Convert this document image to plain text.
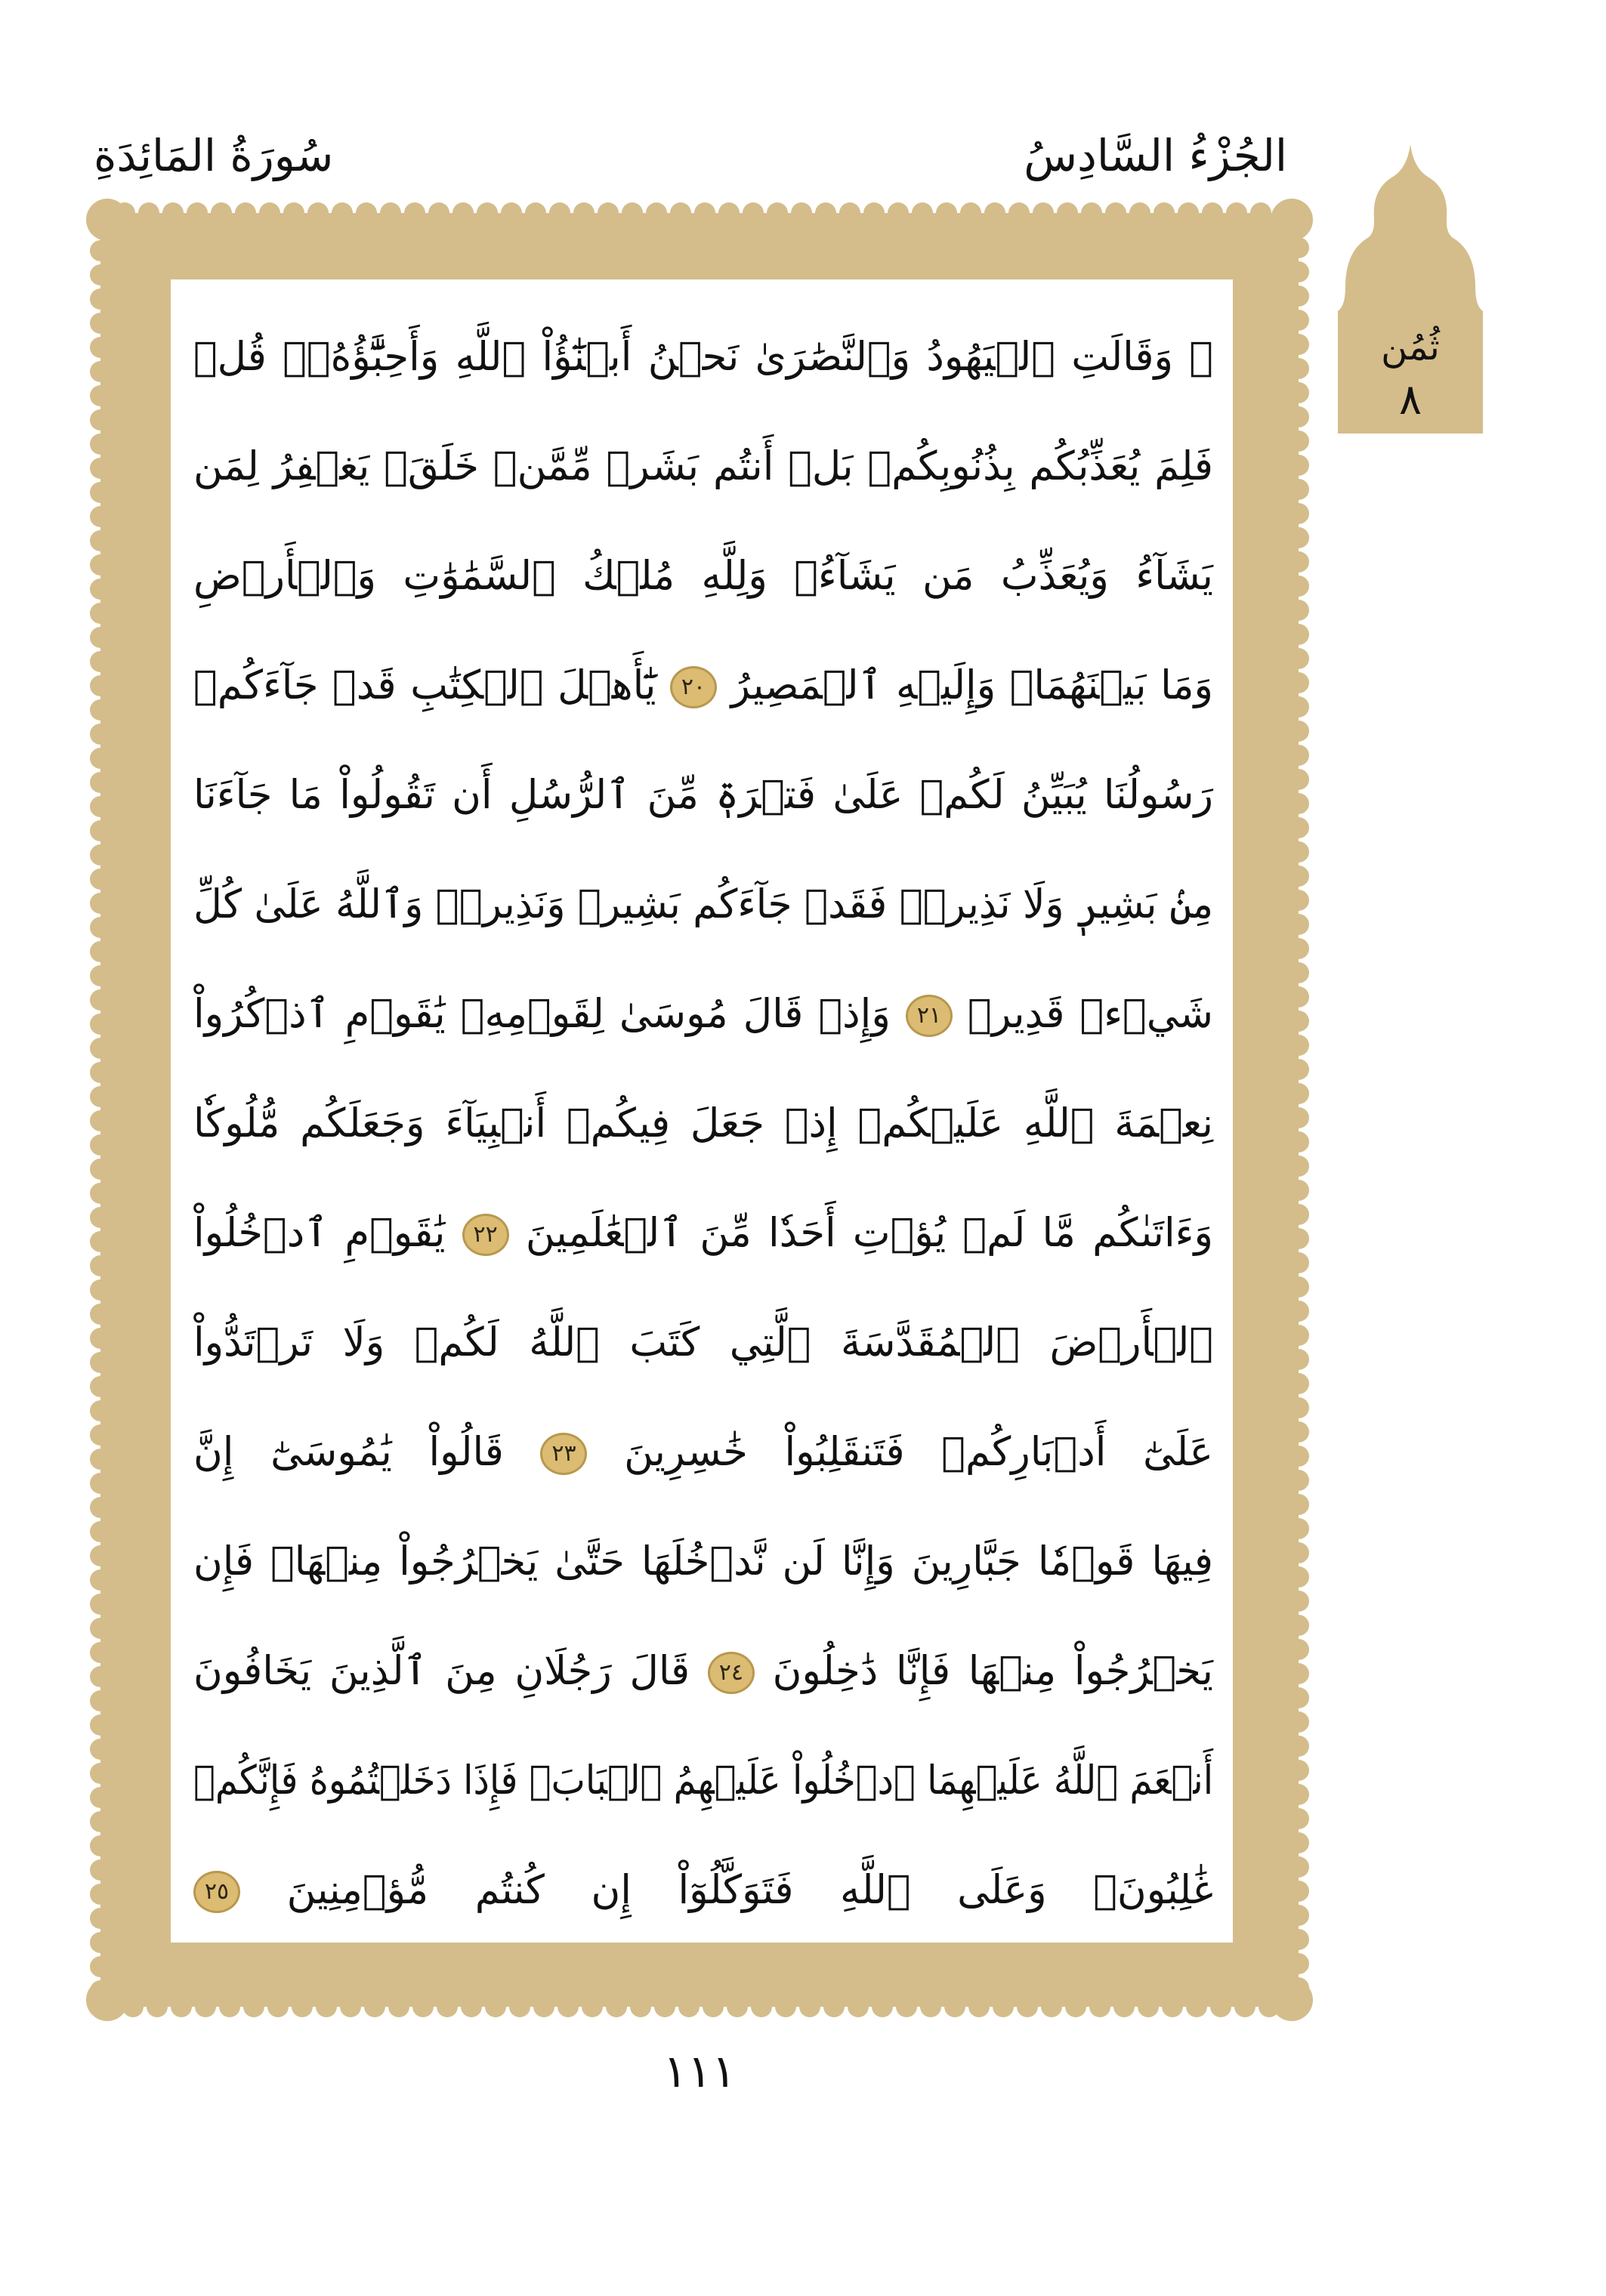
الجُزْءُ السَّادِسُ
سُورَةُ المَائِدَةِ
ثُمُن
٨
۞ وَقَالَتِ ٱلۡيَهُودُ وَٱلنَّصَٰرَىٰ نَحۡنُ أَبۡنَٰٓؤُاْ ٱللَّهِ وَأَحِبَّٰٓؤُهُۥۚ قُلۡ
فَلِمَ يُعَذِّبُكُم بِذُنُوبِكُمۖ بَلۡ أَنتُم بَشَرٞ مِّمَّنۡ خَلَقَۚ يَغۡفِرُ لِمَن
يَشَآءُ وَيُعَذِّبُ مَن يَشَآءُۚ وَلِلَّهِ مُلۡكُ ٱلسَّمَٰوَٰتِ وَٱلۡأَرۡضِ
وَمَا بَيۡنَهُمَاۖ وَإِلَيۡهِ ٱلۡمَصِيرُ
٢٠
يَٰٓأَهۡلَ ٱلۡكِتَٰبِ قَدۡ جَآءَكُمۡ
رَسُولُنَا يُبَيِّنُ لَكُمۡ عَلَىٰ فَتۡرَةٖ مِّنَ ٱلرُّسُلِ أَن تَقُولُواْ مَا جَآءَنَا
مِنۢ بَشِيرٖ وَلَا نَذِيرٖۖ فَقَدۡ جَآءَكُم بَشِيرٞ وَنَذِيرٞۗ وَٱللَّهُ عَلَىٰ كُلِّ
شَيۡءٖ قَدِيرٞ
٢١
وَإِذۡ قَالَ مُوسَىٰ لِقَوۡمِهِۦ يَٰقَوۡمِ ٱذۡكُرُواْ
نِعۡمَةَ ٱللَّهِ عَلَيۡكُمۡ إِذۡ جَعَلَ فِيكُمۡ أَنۢبِيَآءَ وَجَعَلَكُم مُّلُوكٗا
وَءَاتَىٰكُم مَّا لَمۡ يُؤۡتِ أَحَدٗا مِّنَ ٱلۡعَٰلَمِينَ
٢٢
يَٰقَوۡمِ ٱدۡخُلُواْ
ٱلۡأَرۡضَ ٱلۡمُقَدَّسَةَ ٱلَّتِي كَتَبَ ٱللَّهُ لَكُمۡ وَلَا تَرۡتَدُّواْ
عَلَىٰٓ أَدۡبَارِكُمۡ فَتَنقَلِبُواْ خَٰسِرِينَ
٢٣
قَالُواْ يَٰمُوسَىٰٓ إِنَّ
فِيهَا قَوۡمٗا جَبَّارِينَ وَإِنَّا لَن نَّدۡخُلَهَا حَتَّىٰ يَخۡرُجُواْ مِنۡهَاۖ فَإِن
يَخۡرُجُواْ مِنۡهَا فَإِنَّا دَٰخِلُونَ
٢٤
قَالَ رَجُلَانِ مِنَ ٱلَّذِينَ يَخَافُونَ
أَنۡعَمَ ٱللَّهُ عَلَيۡهِمَا ٱدۡخُلُواْ عَلَيۡهِمُ ٱلۡبَابَۖ فَإِذَا دَخَلۡتُمُوهُ فَإِنَّكُمۡ
غَٰلِبُونَۚ وَعَلَى ٱللَّهِ فَتَوَكَّلُوٓاْ إِن كُنتُم مُّؤۡمِنِينَ
٢٥
١١١
